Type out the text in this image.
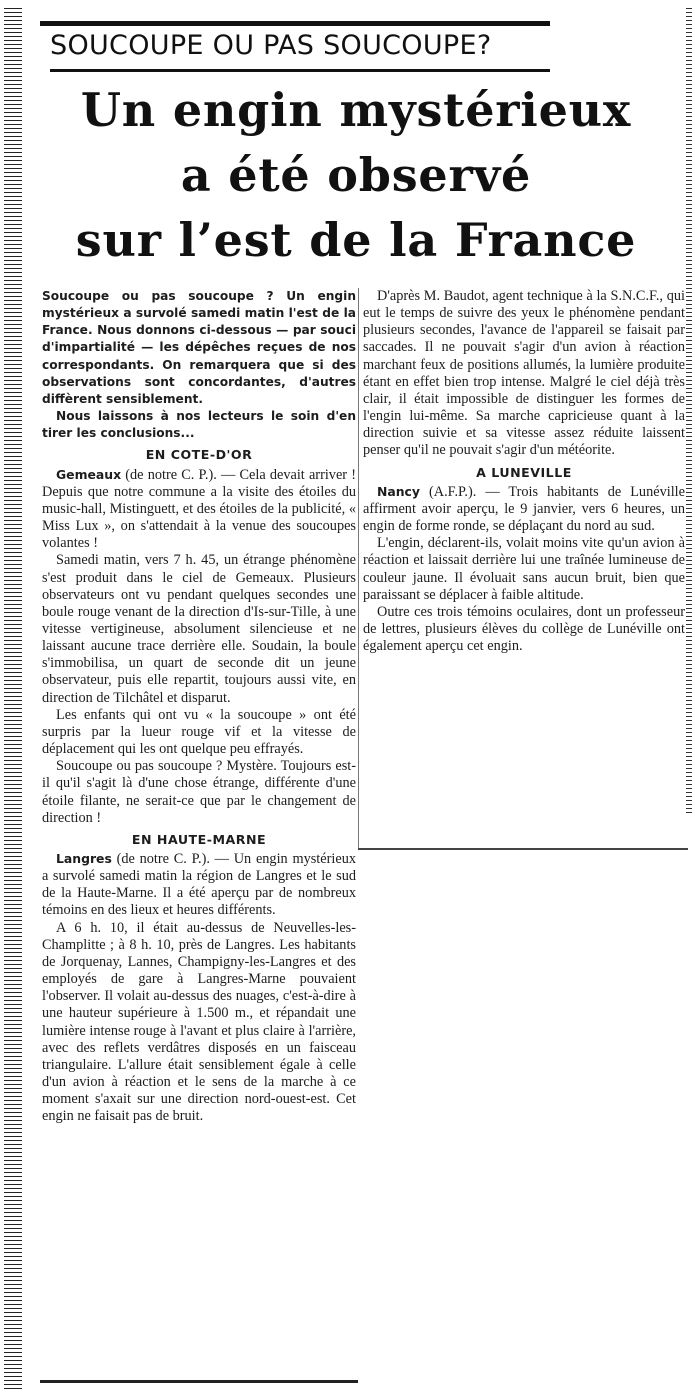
SOUCOUPE OU PAS SOUCOUPE?
Un engin mystérieux
a été observé
sur l’est de la France

Soucoupe ou pas soucoupe ? Un engin mystérieux a survolé samedi matin l'est de la France. Nous donnons ci-dessous — par souci d'impartialité — les dépêches reçues de nos correspondants. On remarquera que si des observations sont concordantes, d'autres diffèrent sensiblement.

Nous laissons à nos lecteurs le soin d'en tirer les conclusions...

EN COTE-D'OR

Gemeaux (de notre C. P.). — Cela devait arriver ! Depuis que notre commune a la visite des étoiles du music-hall, Mistinguett, et des étoiles de la publicité, « Miss Lux », on s'attendait à la venue des soucoupes volantes !

Samedi matin, vers 7 h. 45, un étrange phénomène s'est produit dans le ciel de Gemeaux. Plusieurs observateurs ont vu pendant quelques secondes une boule rouge venant de la direction d'Is-sur-Tille, à une vitesse vertigineuse, absolument silencieuse et ne laissant aucune trace derrière elle. Soudain, la boule s'immobilisa, un quart de seconde dit un jeune observateur, puis elle repartit, toujours aussi vite, en direction de Tilchâtel et disparut.

Les enfants qui ont vu « la soucoupe » ont été surpris par la lueur rouge vif et la vitesse de déplacement qui les ont quelque peu effrayés.

Soucoupe ou pas soucoupe ? Mystère. Toujours est-il qu'il s'agit là d'une chose étrange, différente d'une étoile filante, ne serait-ce que par le changement de direction !

EN HAUTE-MARNE

Langres (de notre C. P.). — Un engin mystérieux a survolé samedi matin la région de Langres et le sud de la Haute-Marne. Il a été aperçu par de nombreux témoins en des lieux et heures différents.

A 6 h. 10, il était au-dessus de Neuvelles-les-Champlitte ; à 8 h. 10, près de Langres. Les habitants de Jorquenay, Lannes, Champigny-les-Langres et des employés de gare à Langres-Marne pouvaient l'observer. Il volait au-dessus des nuages, c'est-à-dire à une hauteur supérieure à 1.500 m., et répandait une lumière intense rouge à l'avant et plus claire à l'arrière, avec des reflets verdâtres disposés en un faisceau triangulaire. L'allure était sensiblement égale à celle d'un avion à réaction et le sens de la marche à ce moment s'axait sur une direction nord-ouest-est. Cet engin ne faisait pas de bruit.

D'après M. Baudot, agent technique à la S.N.C.F., qui eut le temps de suivre des yeux le phénomène pendant plusieurs secondes, l'avance de l'appareil se faisait par saccades. Il ne pouvait s'agir d'un avion à réaction marchant feux de positions allumés, la lumière produite étant en effet bien trop intense. Malgré le ciel déjà très clair, il était impossible de distinguer les formes de l'engin lui-même. Sa marche capricieuse quant à la direction suivie et sa vitesse assez réduite laissent penser qu'il ne pouvait s'agir d'un météorite.

A LUNEVILLE

Nancy (A.F.P.). — Trois habitants de Lunéville affirment avoir aperçu, le 9 janvier, vers 6 heures, un engin de forme ronde, se déplaçant du nord au sud.

L'engin, déclarent-ils, volait moins vite qu'un avion à réaction et laissait derrière lui une traînée lumineuse de couleur jaune. Il évoluait sans aucun bruit, bien que paraissant se déplacer à faible altitude.

Outre ces trois témoins oculaires, dont un professeur de lettres, plusieurs élèves du collège de Lunéville ont également aperçu cet engin.
